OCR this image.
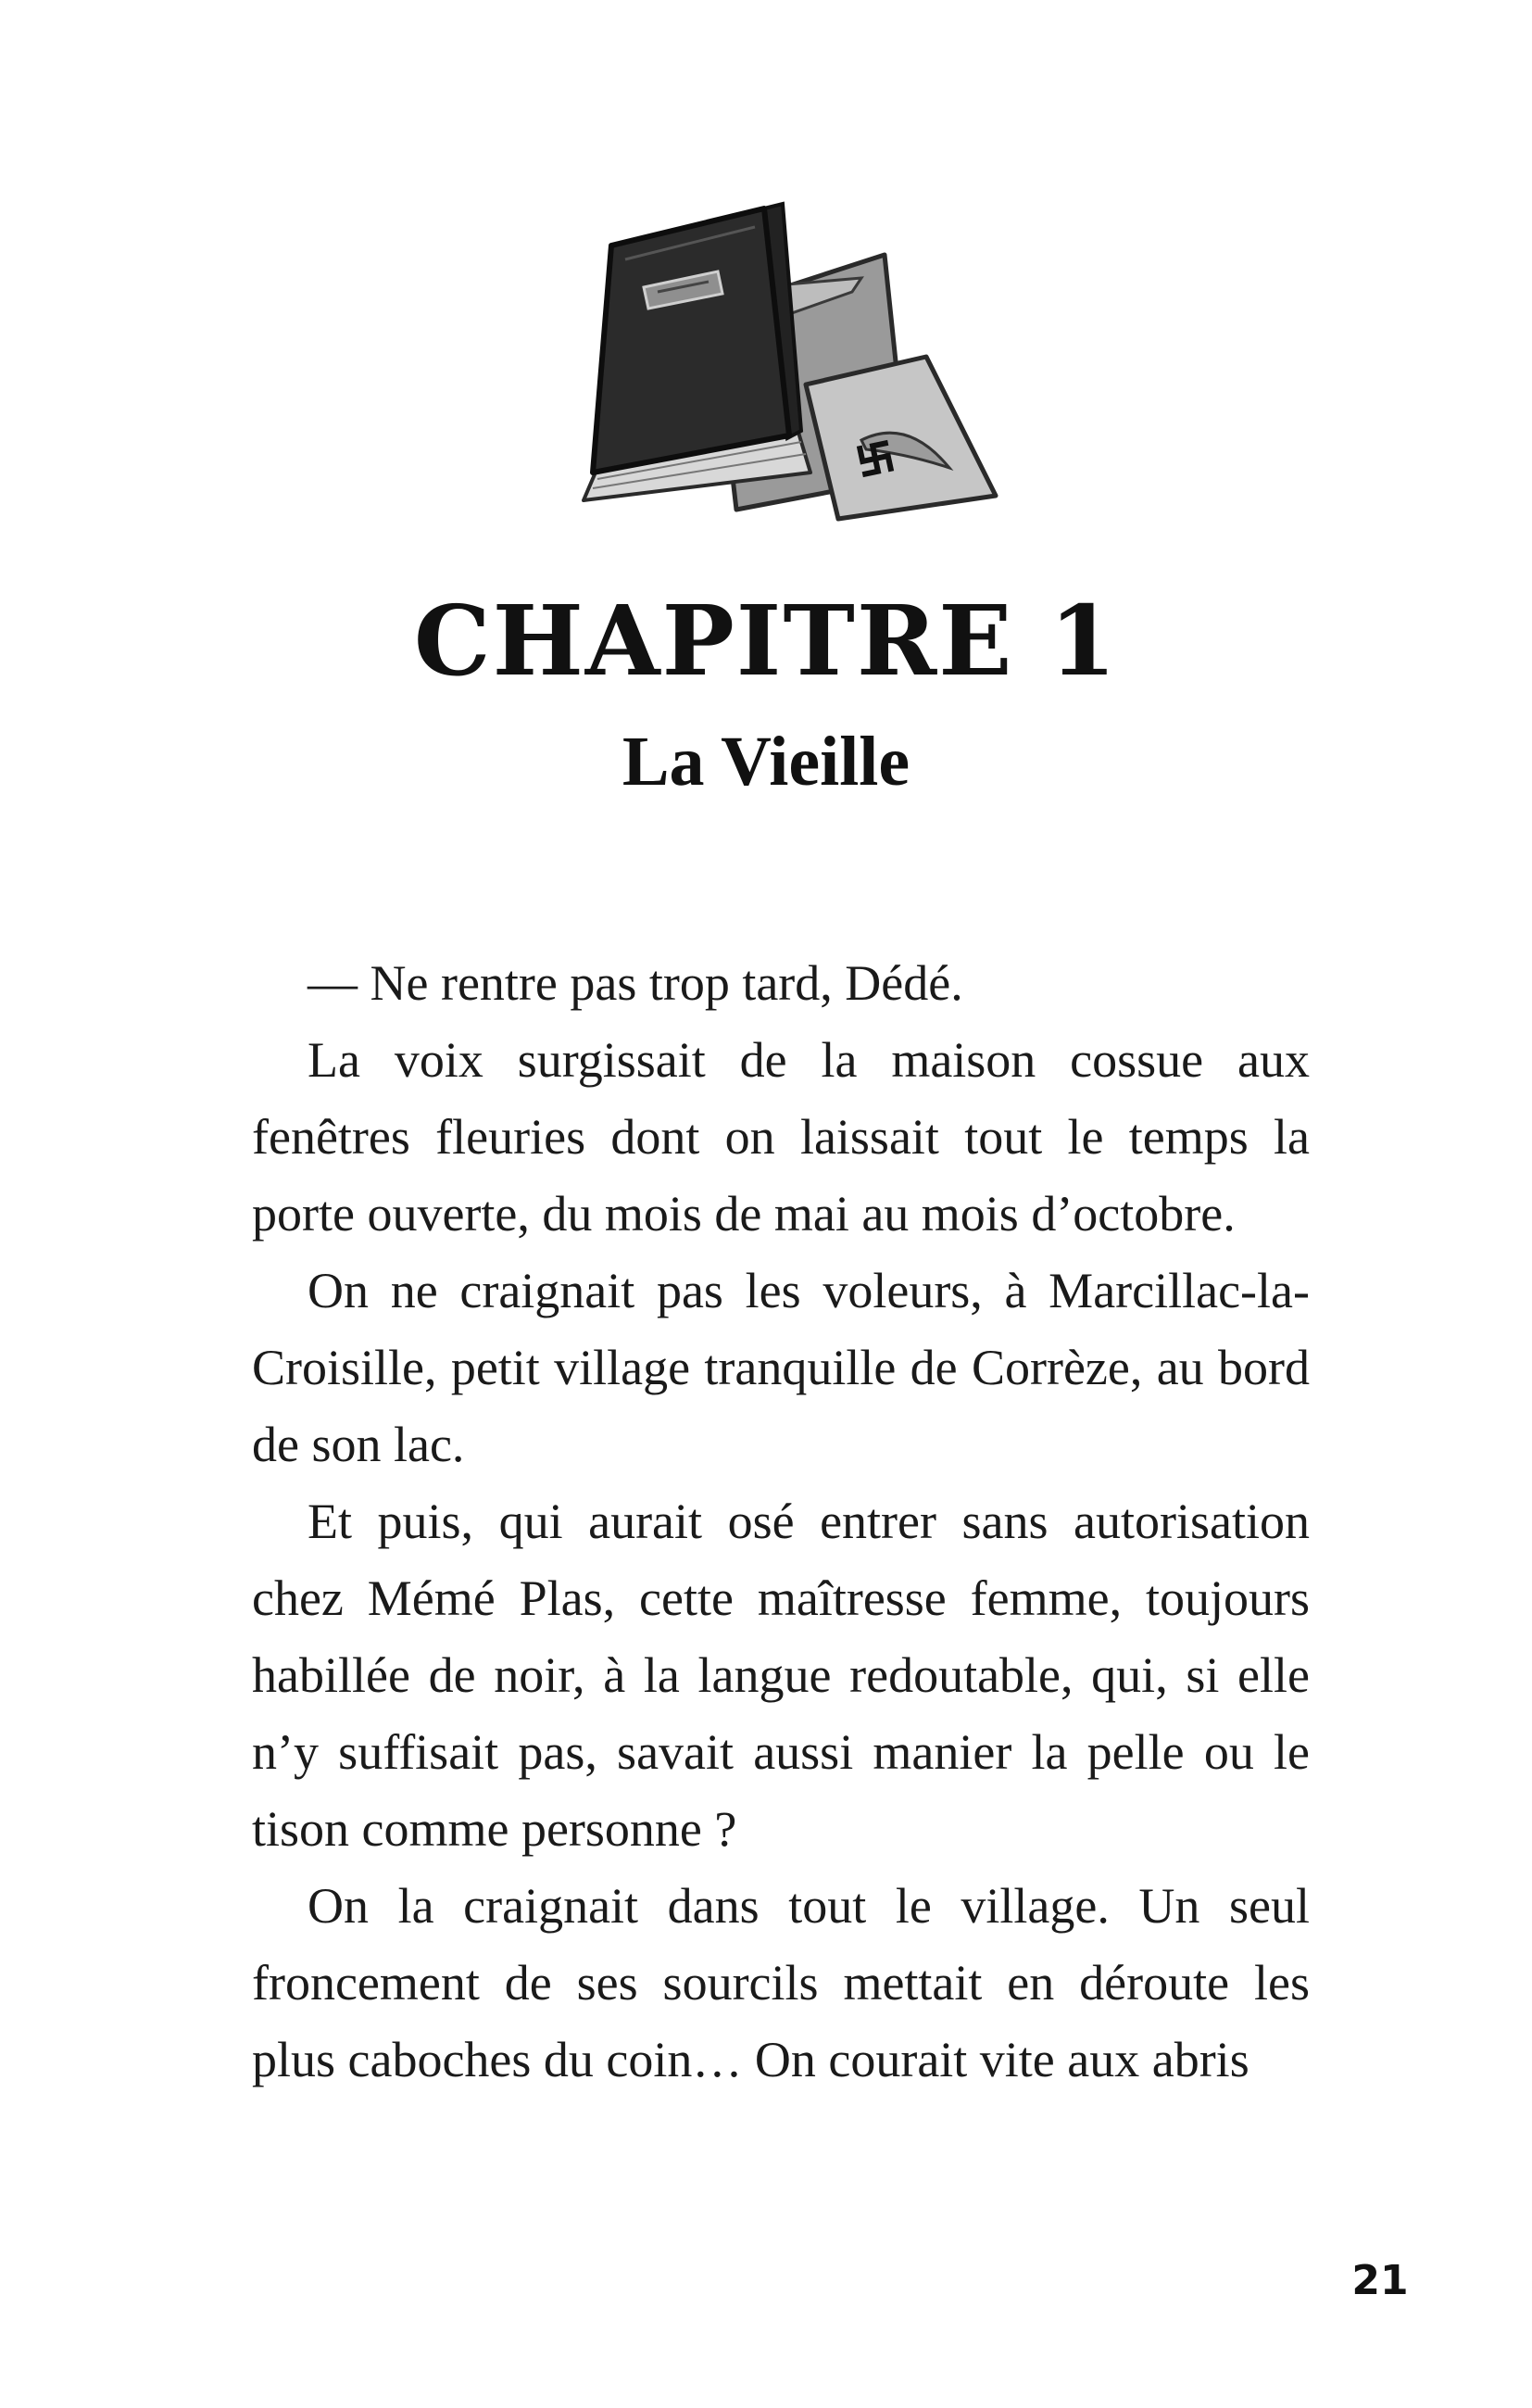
CHAPITRE 1
La Vieille

— Ne rentre pas trop tard, Dédé.

La voix surgissait de la maison cossue aux fenêtres fleuries dont on laissait tout le temps la porte ouverte, du mois de mai au mois d’octobre.

On ne craignait pas les voleurs, à Marcillac-la-Croisille, petit village tranquille de Corrèze, au bord de son lac.

Et puis, qui aurait osé entrer sans autorisation chez Mémé Plas, cette maîtresse femme, toujours habillée de noir, à la langue redoutable, qui, si elle n’y suffisait pas, savait aussi manier la pelle ou le tison comme personne ?

On la craignait dans tout le village. Un seul froncement de ses sourcils mettait en déroute les plus caboches du coin… On courait vite aux abris

21
